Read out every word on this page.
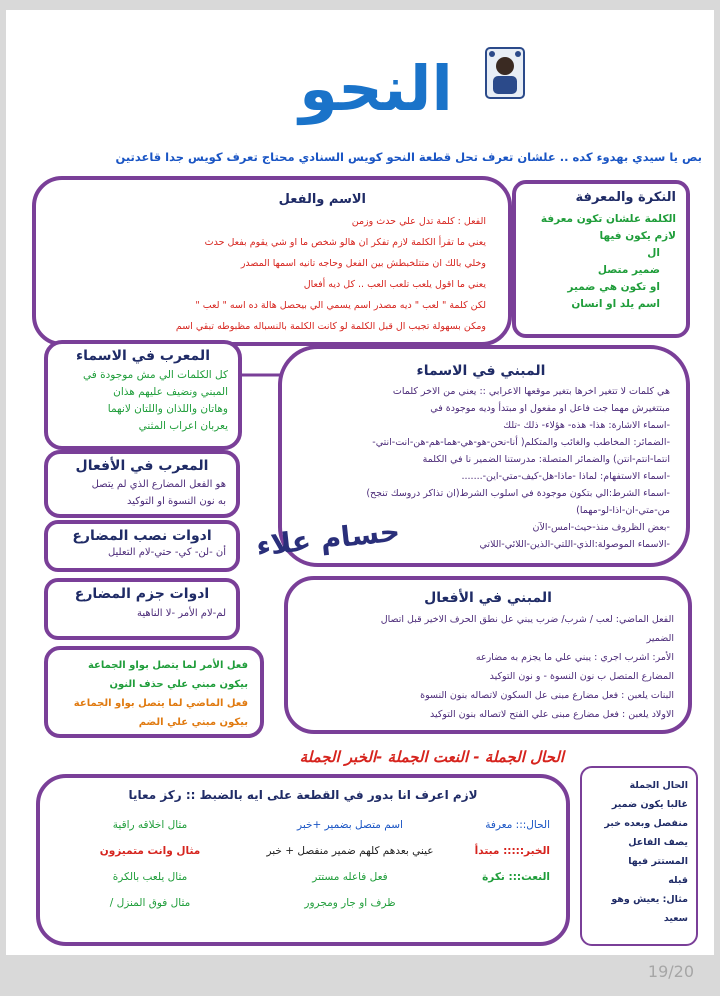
النحو
بص يا سيدي بهدوء كده .. علشان تعرف تحل قطعة النحو كويس السنادي محتاج تعرف كويس جدا قاعدتين
النكرة والمعرفة
الكلمة علشان تكون معرفة
لازم يكون فيها
ال
ضمير متصل
او تكون هي ضمير
اسم يلد او انسان
الاسم والفعل
الفعل : كلمة تدل علي حدث وزمن
يعني ما تقرأ الكلمة لازم تفكر ان هالو شخص ما او شي يقوم بفعل حدث
وخلي بالك ان متتلخبطش بين الفعل وحاجه تانيه اسمها المصدر
يعني ما اقول يلعب تلعب العب .. كل ديه أفعال
لكن كلمة " لعب " ديه مصدر اسم يسمي الي بيحصل هالة ده اسه " لعب "
ومكن بسهولة تجيب ال قبل الكلمة لو كانت الكلمة بالنسباله مظبوطه تبقي اسم
المعرب في الاسماء
كل الكلمات الي مش موجودة في
المبني ونضيف عليهم هذان
وهاتان واللذان واللتان لانهما
يعربان اعراب المثني
المبني في الاسماء
هي كلمات لا تتغير اخرها بتغير موقعها الاعرابي :: يعني من الاخر كلمات
مبتتغيرش مهما جت فاعل او مفعول او مبتدأ وديه موجودة في
-اسماء الاشارة: هذا- هذه- هؤلاء- ذلك -تلك
-الضمائر: المخاطب والغائب والمتكلم( أنا-نحن-هو-هي-هما-هم-هن-انت-انتي-
انتما-انتم-انتن) والضمائر المتصلة: مدرستنا الضمير نا في الكلمة
-اسماء الاستفهام: لماذا -ماذا-هل-كيف-متي-اين-.......
-اسماء الشرط:الي بتكون موجودة في اسلوب الشرط(ان تذاكر دروسك تنجح)
من-متي-ان-اذا-لو-مهما)
-بعض الظروف منذ-حيث-امس-الآن
-الاسماء الموصولة:الذي-اللتي-الذين-اللائي-اللاتي
المعرب في الأفعال
هو الفعل المضارع الذي لم يتصل
به نون النسوة او التوكيد
ادوات نصب المضارع
أن -لن- كي- حتي-لام التعليل
ادوات جزم المضارع
لم-لام الأمر -لا الناهية
حسام علاء
فعل الأمر لما يتصل بواو الجماعة
بيكون مبني علي حذف النون
فعل الماضي لما يتصل بواو الجماعة
بيكون مبني علي الضم
المبني في الأفعال
الفعل الماضي: لعب / شرب/ ضرب يبني عل نطق الحرف الاخير قبل اتصال
الضمير
الأمر: اشرب اجري : يبني علي ما يجزم به مضارعه
المضارع المتصل ب نون النسوة - و نون التوكيد
البنات يلعبن : فعل مضارع مبنى عل السكون لاتصاله بنون النسوة
الاولاد يلعبن : فعل مضارع مبنى علي الفتح لاتصاله بنون التوكيد
الحال الجملة - النعت الجملة -الخبر الجملة
لازم اعرف انا بدور في القطعة على ايه بالضبط :: ركز معايا
الحال::: معرفة
اسم متصل بضمير +خبر
مثال اخلاقه راقية
الخبر::::: مبتدأ
عيني بعدهم كلهم ضمير منفصل + خبر
مثال وانت متميزون
النعت::: نكرة
فعل فاعله مستتر
مثال يلعب بالكرة
ظرف او جار ومجرور
مثال فوق المنزل /
الحال الجملة
غالبا يكون ضمير
منفصل وبعده خبر
يصف الفاعل
المستتر فيها
قبله
مثال: يعيش وهو
سعيد
19/20
